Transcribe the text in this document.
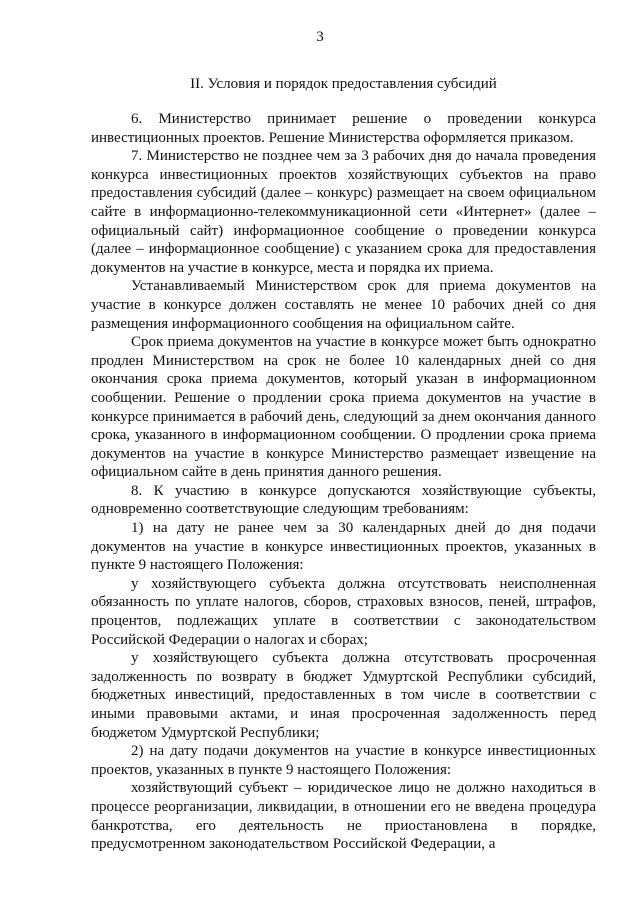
3
II. Условия и порядок предоставления субсидий

6. Министерство принимает решение о проведении конкурса инвестиционных проектов. Решение Министерства оформляется приказом.

7. Министерство не позднее чем за 3 рабочих дня до начала проведения конкурса инвестиционных проектов хозяйствующих субъектов на право предоставления субсидий (далее – конкурс) размещает на своем официальном сайте в информационно-телекоммуникационной сети «Интернет» (далее – официальный сайт) информационное сообщение о проведении конкурса (далее – информационное сообщение) с указанием срока для предоставления документов на участие в конкурсе, места и порядка их приема.

Устанавливаемый Министерством срок для приема документов на участие в конкурсе должен составлять не менее 10 рабочих дней со дня размещения информационного сообщения на официальном сайте.

Срок приема документов на участие в конкурсе может быть однократно продлен Министерством на срок не более 10 календарных дней со дня окончания срока приема документов, который указан в информационном сообщении. Решение о продлении срока приема документов на участие в конкурсе принимается в рабочий день, следующий за днем окончания данного срока, указанного в информационном сообщении. О продлении срока приема документов на участие в конкурсе Министерство размещает извещение на официальном сайте в день принятия данного решения.

8. К участию в конкурсе допускаются хозяйствующие субъекты, одновременно соответствующие следующим требованиям:

1) на дату не ранее чем за 30 календарных дней до дня подачи документов на участие в конкурсе инвестиционных проектов, указанных в пункте 9 настоящего Положения:

у хозяйствующего субъекта должна отсутствовать неисполненная обязанность по уплате налогов, сборов, страховых взносов, пеней, штрафов, процентов, подлежащих уплате в соответствии с законодательством Российской Федерации о налогах и сборах;

у хозяйствующего субъекта должна отсутствовать просроченная задолженность по возврату в бюджет Удмуртской Республики субсидий, бюджетных инвестиций, предоставленных в том числе в соответствии с иными правовыми актами, и иная просроченная задолженность перед бюджетом Удмуртской Республики;

2) на дату подачи документов на участие в конкурсе инвестиционных проектов, указанных в пункте 9 настоящего Положения:

хозяйствующий субъект – юридическое лицо не должно находиться в процессе реорганизации, ликвидации, в отношении его не введена процедура банкротства, его деятельность не приостановлена в порядке, предусмотренном законодательством Российской Федерации, а
